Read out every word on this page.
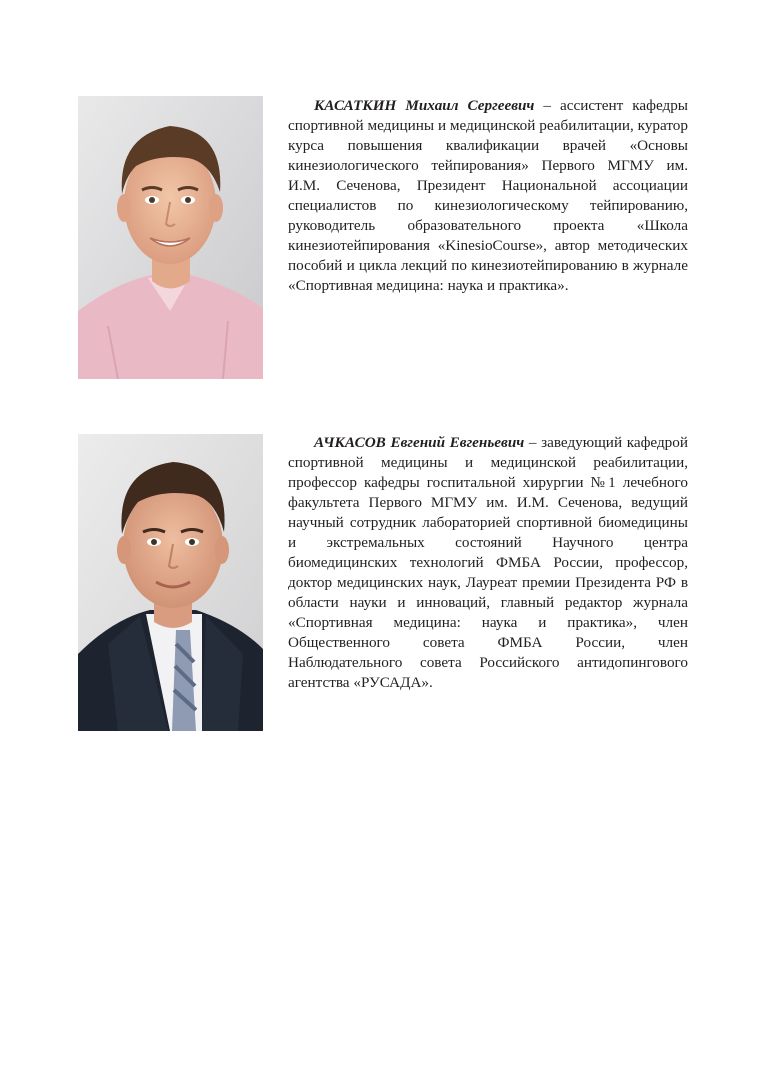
КАСАТКИН Михаил Сергеевич – ассистент кафедры спортивной медицины и медицинской реабилитации, куратор курса повышения квалификации врачей «Основы кинезиологического тейпирования» Первого МГМУ им. И.М. Сеченова, Президент Национальной ассоциации специалистов по кинезиологическому тейпированию, руководитель образовательного проекта «Школа кинезиотейпирования «KinesioCourse», автор методических пособий и цикла лекций по кинезиотейпированию в журнале «Спортивная медицина: наука и практика».

АЧКАСОВ Евгений Евгеньевич – заведующий кафедрой спортивной медицины и медицинской реабилитации, профессор кафедры госпитальной хирургии №1 лечебного факультета Первого МГМУ им. И.М. Сеченова, ведущий научный сотрудник лабораторией спортивной биомедицины и экстремальных состояний Научного центра биомедицинских технологий ФМБА России, профессор, доктор медицинских наук, Лауреат премии Президента РФ в области науки и инноваций, главный редактор журнала «Спортивная медицина: наука и практика», член Общественного совета ФМБА России, член Наблюдательного совета Российского антидопингового агентства «РУСАДА».
